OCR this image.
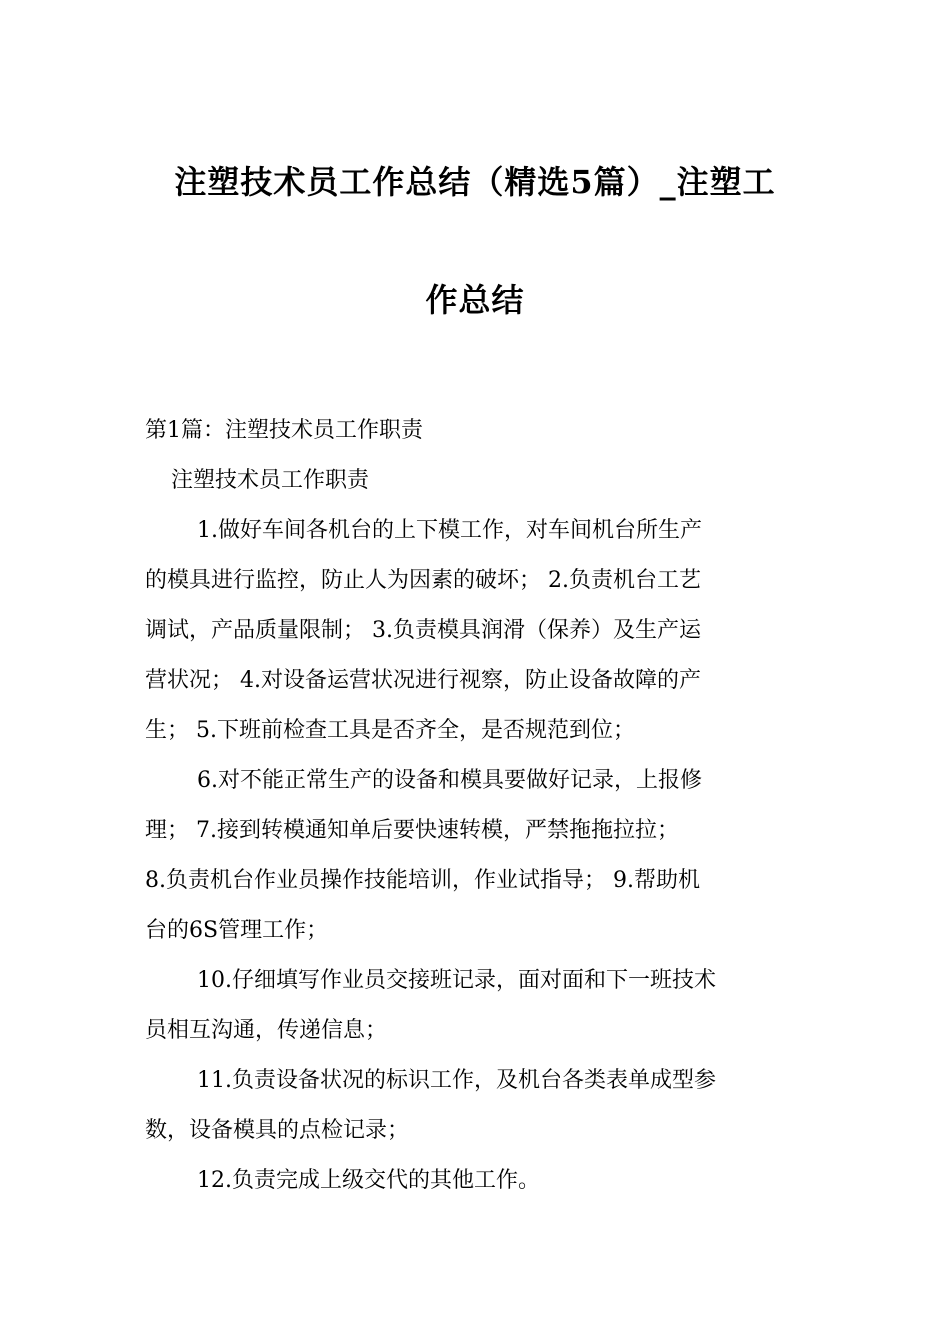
注塑技术员工作总结（精选5篇）_注塑工
作总结

第1篇：注塑技术员工作职责

注塑技术员工作职责

1.做好车间各机台的上下模工作，对车间机台所生产
的模具进行监控，防止人为因素的破坏； 2.负责机台工艺
调试，产品质量限制； 3.负责模具润滑（保养）及生产运
营状况； 4.对设备运营状况进行视察，防止设备故障的产
生； 5.下班前检查工具是否齐全，是否规范到位；
6.对不能正常生产的设备和模具要做好记录，上报修
理； 7.接到转模通知单后要快速转模，严禁拖拖拉拉；
8.负责机台作业员操作技能培训，作业试指导； 9.帮助机
台的6S管理工作；
10.仔细填写作业员交接班记录，面对面和下一班技术
员相互沟通，传递信息；
11.负责设备状况的标识工作，及机台各类表单成型参
数，设备模具的点检记录；
12.负责完成上级交代的其他工作。
